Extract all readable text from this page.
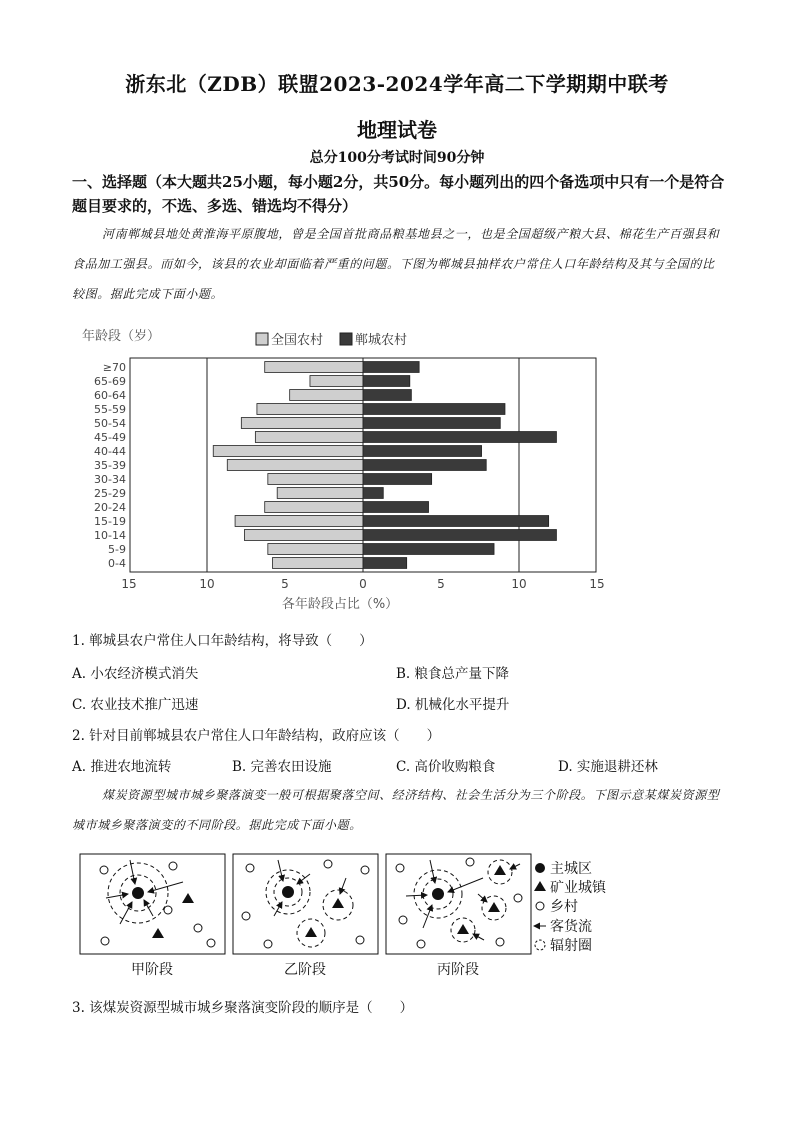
浙东北（ZDB）联盟2023-2024学年高二下学期期中联考
地理试卷
总分100分考试时间90分钟
一、选择题（本大题共25小题，每小题2分，共50分。每小题列出的四个备选项中只有一个是符合题目要求的，不选、多选、错选均不得分）
河南郸城县地处黄淮海平原腹地，曾是全国首批商品粮基地县之一，也是全国超级产粮大县、棉花生产百强县和食品加工强县。而如今，该县的农业却面临着严重的问题。下图为郸城县抽样农户常住人口年龄结构及其与全国的比较图。据此完成下面小题。
年龄段（岁）	全国农村 郸城农村
≥70
65-69
60-64
55-59
50-54
45-49
40-44
35-39
30-34
25-29
20-24
15-19
10-14
5-9
0-4
15	10	5	0	5	10	15
各年龄段占比（%）
1. 郸城县农户常住人口年龄结构，将导致（　　）
A. 小农经济模式消失	B. 粮食总产量下降
C. 农业技术推广迅速	D. 机械化水平提升
2. 针对目前郸城县农户常住人口年龄结构，政府应该（　　）
A. 推进农地流转	B. 完善农田设施	C. 高价收购粮食	D. 实施退耕还林
煤炭资源型城市城乡聚落演变一般可根据聚落空间、经济结构、社会生活分为三个阶段。下图示意某煤炭资源型城市城乡聚落演变的不同阶段。据此完成下面小题。
甲阶段	乙阶段	丙阶段
主城区
矿业城镇
乡村
客货流
辐射圈
3. 该煤炭资源型城市城乡聚落演变阶段的顺序是（　　）
